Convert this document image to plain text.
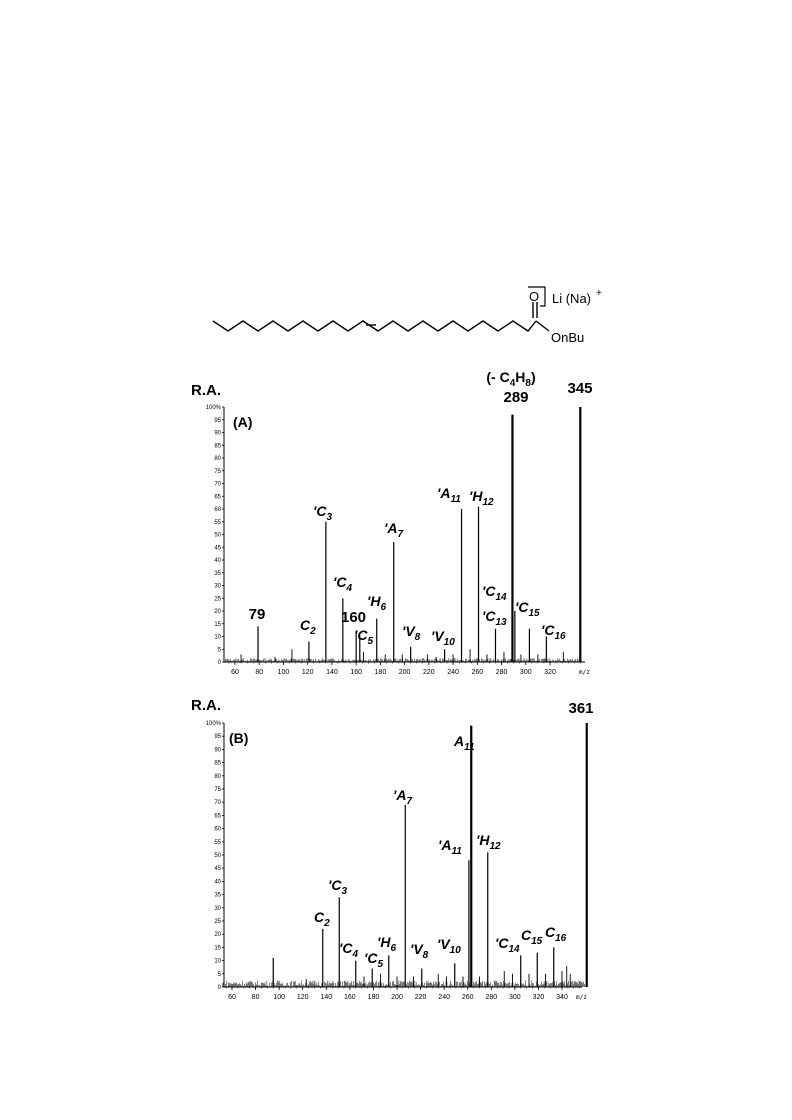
O
OnBu
Li (Na) +
0
5
10
15
20
25
30
35
40
45
50
55
60
65
70
75
80
85
90
95
100%
60 80 100 120 140 160 180 200 220 240 260 280 300 320	m/z
R.A.
(A)
79
$C_2$
'$C_3$
'$C_4$
160
'$C_5$
'$H_6$
'$A_7$
'$V_8$ '$V_{10}$
'$A_{11}$ '$H_{12}$
'$C_{13}$
289
(- $C_4H_8$)
'$C_{14}$
'$C_{15}$
'$C_{16}$
345
0
5
10
15
20
25
30
35
40
45
50
55
60
65
70
75
80
85
90
95
100%
60 80 100 120 140 160 180 200 220 240 260 280 300 320 340 m/z
R.A.
(B)
$C_2$
'$C_3$
'$C_4$ '$C_5$
'$H_6$
'$A_7$
'$V_8$
'$V_{10}$
'$A_{11}$
$A_{11}$
'$H_{12}$
'$C_{14}$
$C_{15}$
$C_{16}$
361
